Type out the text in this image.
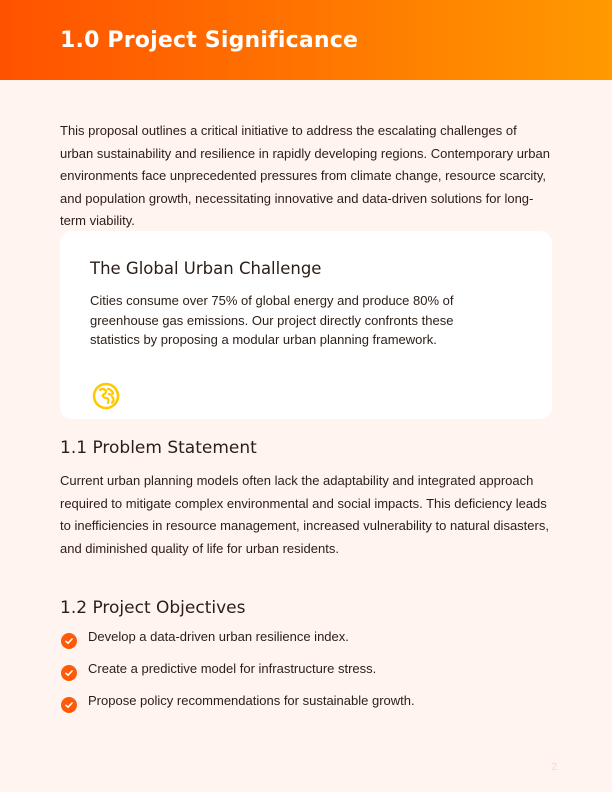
1.0 Project Significance

This proposal outlines a critical initiative to address the escalating challenges of urban sustainability and resilience in rapidly developing regions. Contemporary urban environments face unprecedented pressures from climate change, resource scarcity, and population growth, necessitating innovative and data-driven solutions for long-term viability.

The Global Urban Challenge

Cities consume over 75% of global energy and produce 80% of greenhouse gas emissions. Our project directly confronts these statistics by proposing a modular urban planning framework.

1.1 Problem Statement

Current urban planning models often lack the adaptability and integrated approach required to mitigate complex environmental and social impacts. This deficiency leads to inefficiencies in resource management, increased vulnerability to natural disasters, and diminished quality of life for urban residents.

1.2 Project Objectives
Develop a data-driven urban resilience index.
Create a predictive model for infrastructure stress.
Propose policy recommendations for sustainable growth.
2
